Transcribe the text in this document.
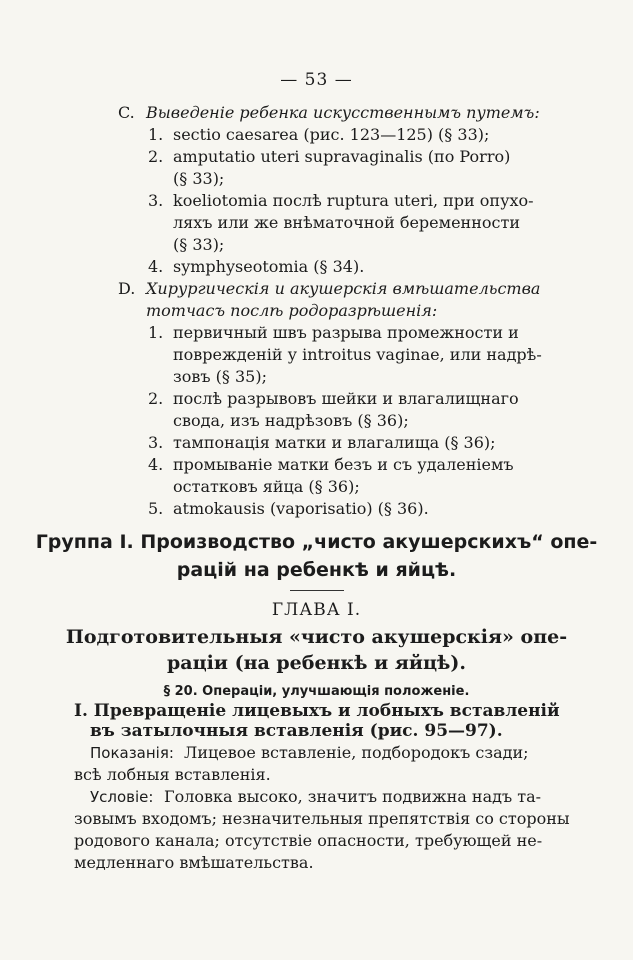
— 53 —
C. Выведеніе ребенка искусственнымъ путемъ:
1. sectio caesarea (рис. 123—125) (§ 33);
2. amputatio uteri supravaginalis (по Porro)
(§ 33);
3. koeliotomia послѣ ruptura uteri, при опухо-
ляхъ или же внѣматочной беременности
(§ 33);
4. symphyseotomia (§ 34).
D. Хирургическія и акушерскія вмѣшательства
тотчасъ послѣ родоразрѣшенія:
1. первичный швъ разрыва промежности и
поврежденій у introitus vaginae, или надрѣ-
зовъ (§ 35);
2. послѣ разрывовъ шейки и влагалищнаго
свода, изъ надрѣзовъ (§ 36);
3. тампонація матки и влагалища (§ 36);
4. промываніе матки безъ и съ удаленіемъ
остатковъ яйца (§ 36);
5. atmokausis (vaporisatio) (§ 36).
Группа I. Производство „чисто акушерскихъ“ опе-
рацій на ребенкѣ и яйцѣ.
ГЛАВА I.
Подготовительныя «чисто акушерскія» опе-
раціи (на ребенкѣ и яйцѣ).
§ 20. Операціи, улучшающія положеніе.
I. Превращеніе лицевыхъ и лобныхъ вставленій
въ затылочныя вставленія (рис. 95—97).
Показанія: Лицевое вставленіе, подбородокъ сзади;
всѣ лобныя вставленія.
Условіе: Головка высоко, значитъ подвижна надъ та-
зовымъ входомъ; незначительныя препятствія со стороны
родового канала; отсутствіе опасности, требующей не-
медленнаго вмѣшательства.
